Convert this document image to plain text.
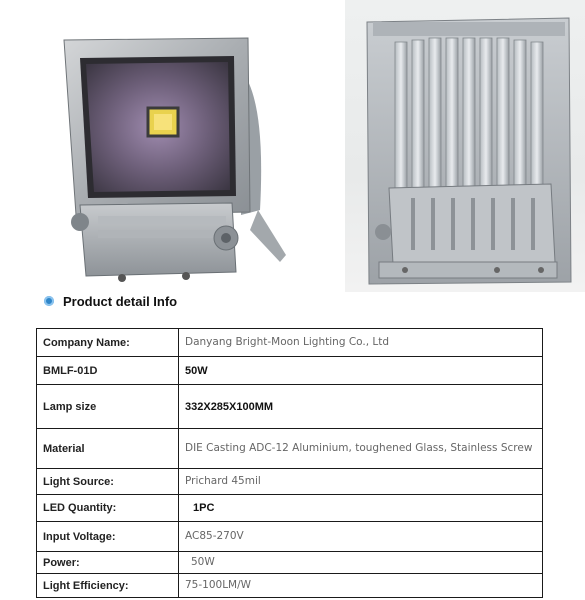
Product detail Info
Company Name:	Danyang Bright-Moon Lighting Co., Ltd
BMLF-01D	50W
Lamp size	332X285X100MM
Material	DIE Casting ADC-12 Aluminium, toughened Glass, Stainless Screw
Light Source:	Prichard 45mil
LED Quantity:	1PC
Input Voltage:	AC85-270V
Power:	50W
Light Efficiency:	75-100LM/W
